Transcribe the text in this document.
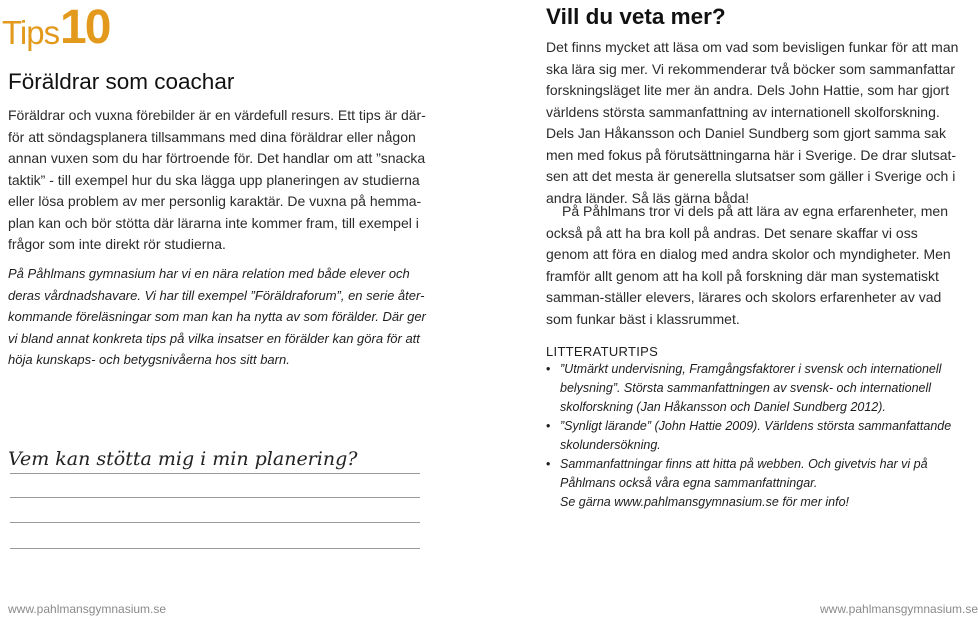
Tips 10
Föräldrar som coachar

Föräldrar och vuxna förebilder är en värdefull resurs. Ett tips är där-för att söndagsplanera tillsammans med dina föräldrar eller någon annan vuxen som du har förtroende för. Det handlar om att ”snacka taktik” - till exempel hur du ska lägga upp planeringen av studierna eller lösa problem av mer personlig karaktär. De vuxna på hemma-plan kan och bör stötta där lärarna inte kommer fram, till exempel i frågor som inte direkt rör studierna.

På Påhlmans gymnasium har vi en nära relation med både elever och deras vårdnadshavare. Vi har till exempel ”Föräldraforum”, en serie åter-kommande föreläsningar som man kan ha nytta av som förälder. Där ger vi bland annat konkreta tips på vilka insatser en förälder kan göra för att höja kunskaps- och betygsnivåerna hos sitt barn.

Vem kan stötta mig i min planering?
www.pahlmansgymnasium.se
Vill du veta mer?

Det finns mycket att läsa om vad som bevisligen funkar för att man ska lära sig mer. Vi rekommenderar två böcker som sammanfattar forskningsläget lite mer än andra. Dels John Hattie, som har gjort världens största sammanfattning av internationell skolforskning. Dels Jan Håkansson och Daniel Sundberg som gjort samma sak men med fokus på förutsättningarna här i Sverige. De drar slutsat-sen att det mesta är generella slutsatser som gäller i Sverige och i andra länder. Så läs gärna båda!

På Påhlmans tror vi dels på att lära av egna erfarenheter, men också på att ha bra koll på andras. Det senare skaffar vi oss genom att föra en dialog med andra skolor och myndigheter. Men framför allt genom att ha koll på forskning där man systematiskt samman-ställer elevers, lärares och skolors erfarenheter av vad som funkar bäst i klassrummet.

LITTERATURTIPS
• ”Utmärkt undervisning, Framgångsfaktorer i svensk och internationell belysning”. Största sammanfattningen av svensk- och internationell skolforskning (Jan Håkansson och Daniel Sundberg 2012).
• ”Synligt lärande” (John Hattie 2009). Världens största sammanfattande skolundersökning.
• Sammanfattningar finns att hitta på webben. Och givetvis har vi på Påhlmans också våra egna sammanfattningar.
Se gärna www.pahlmansgymnasium.se för mer info!
www.pahlmansgymnasium.se
